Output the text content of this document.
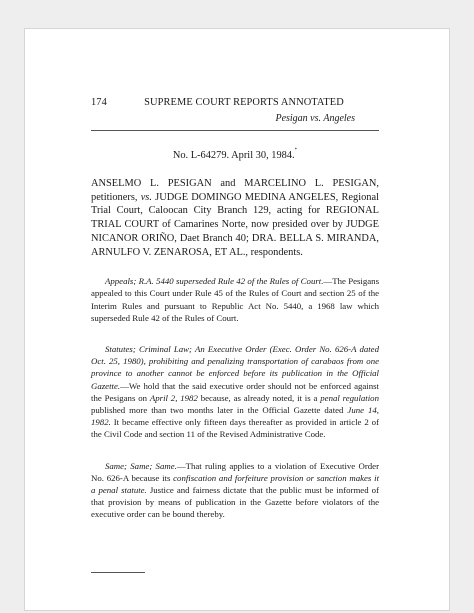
174	SUPREME COURT REPORTS ANNOTATED
Pesigan vs. Angeles
No. L-64279. April 30, 1984.*
ANSELMO L. PESIGAN and MARCELINO L. PESIGAN, petitioners, vs. JUDGE DOMINGO MEDINA ANGELES, Regional Trial Court, Caloocan City Branch 129, acting for REGIONAL TRIAL COURT of Camarines Norte, now presided over by JUDGE NICANOR ORIÑO, Daet Branch 40; DRA. BELLA S. MIRANDA, ARNULFO V. ZENAROSA, ET AL., respondents.
Appeals; R.A. 5440 superseded Rule 42 of the Rules of Court.—The Pesigans appealed to this Court under Rule 45 of the Rules of Court and section 25 of the Interim Rules and pursuant to Republic Act No. 5440, a 1968 law which superseded Rule 42 of the Rules of Court.
Statutes; Criminal Law; An Executive Order (Exec. Order No. 626-A dated Oct. 25, 1980), prohibiting and penalizing transportation of carabaos from one province to another cannot be enforced before its publication in the Official Gazette.—We hold that the said executive order should not be enforced against the Pesigans on April 2, 1982 because, as already noted, it is a penal regulation published more than two months later in the Official Gazette dated June 14, 1982. It became effective only fifteen days thereafter as provided in article 2 of the Civil Code and section 11 of the Revised Administrative Code.
Same; Same; Same.—That ruling applies to a violation of Executive Order No. 626-A because its confiscation and forfeiture provision or sanction makes it a penal statute. Justice and fairness dictate that the public must be informed of that provision by means of publication in the Gazette before violators of the executive order can be bound thereby.
